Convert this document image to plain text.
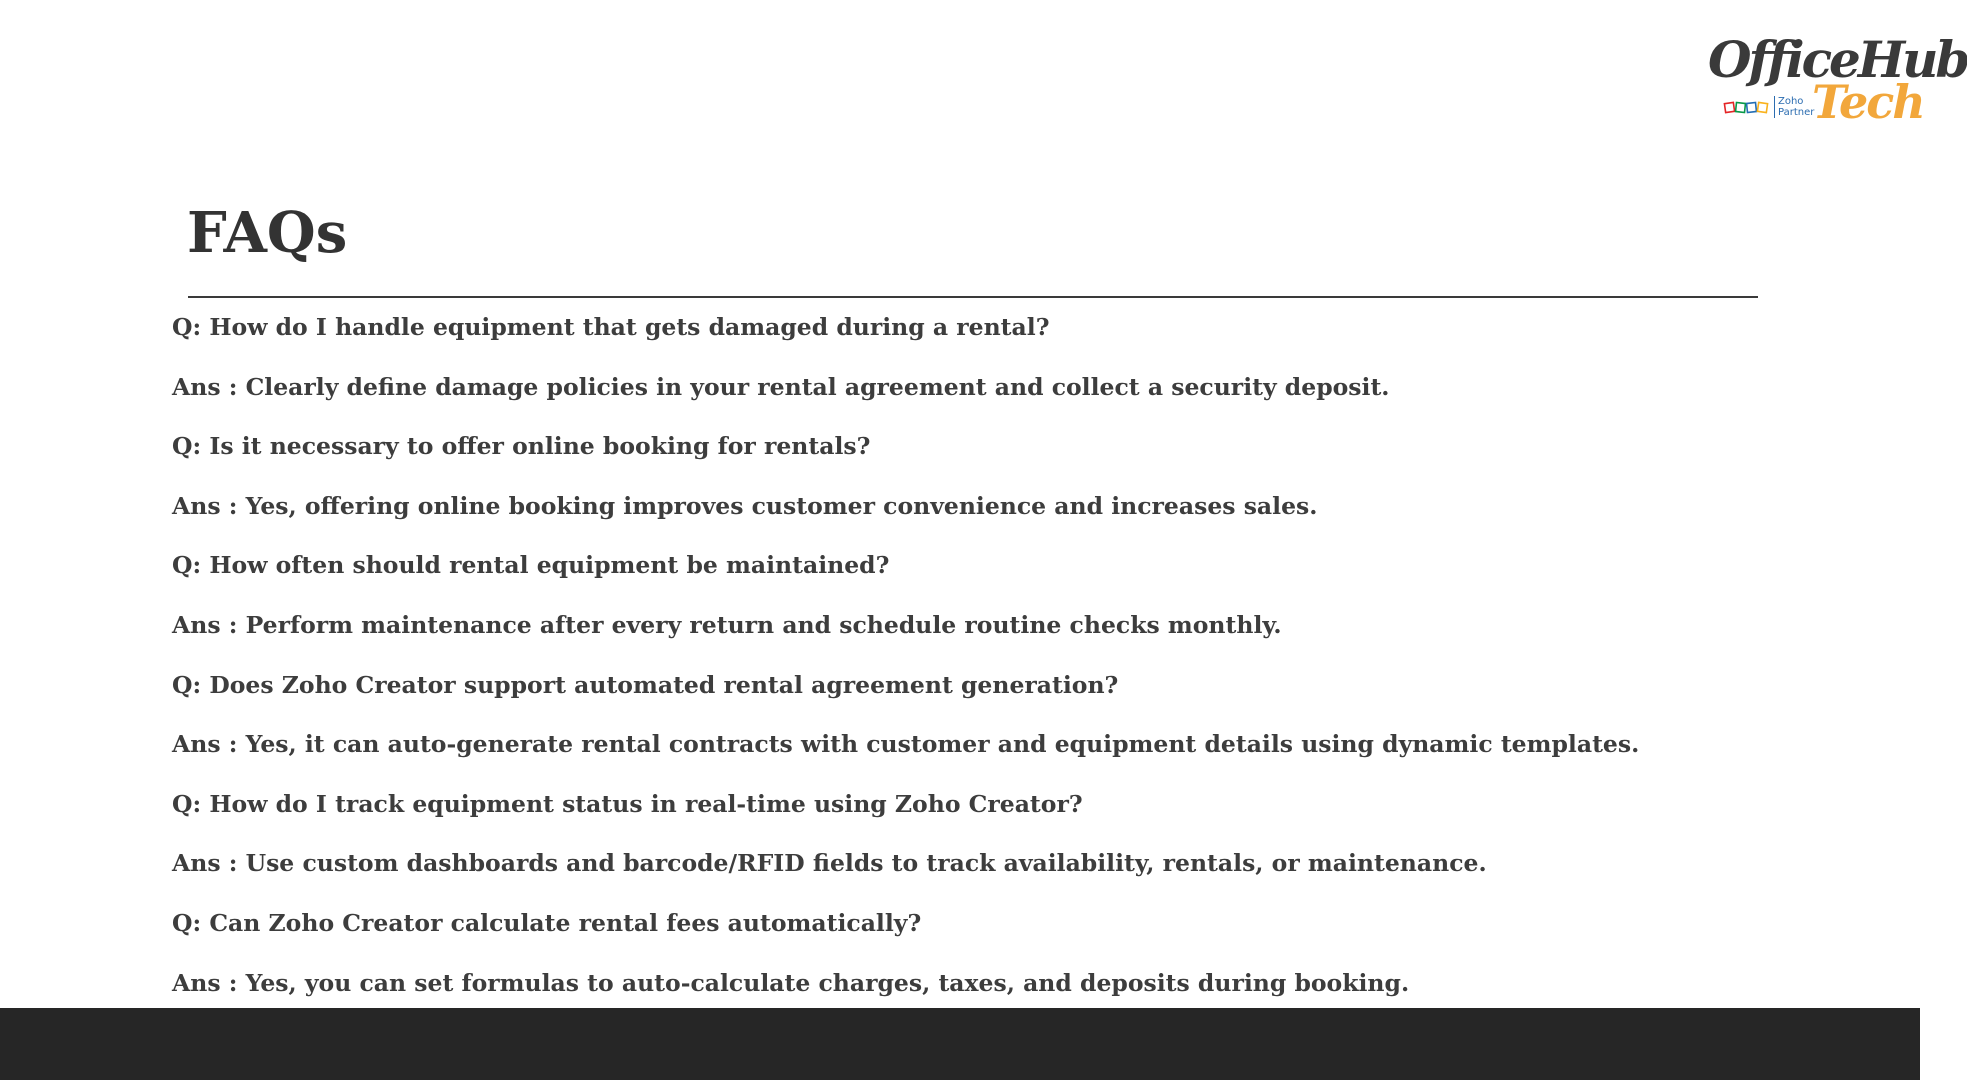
OfficeHub
Tech
Zoho
Partner
FAQs
Q: How do I handle equipment that gets damaged during a rental?
Ans : Clearly define damage policies in your rental agreement and collect a security deposit.
Q: Is it necessary to offer online booking for rentals?
Ans : Yes, offering online booking improves customer convenience and increases sales.
Q: How often should rental equipment be maintained?
Ans : Perform maintenance after every return and schedule routine checks monthly.
Q: Does Zoho Creator support automated rental agreement generation?
Ans : Yes, it can auto-generate rental contracts with customer and equipment details using dynamic templates.
Q: How do I track equipment status in real-time using Zoho Creator?
Ans : Use custom dashboards and barcode/RFID fields to track availability, rentals, or maintenance.
Q: Can Zoho Creator calculate rental fees automatically?
Ans : Yes, you can set formulas to auto-calculate charges, taxes, and deposits during booking.
